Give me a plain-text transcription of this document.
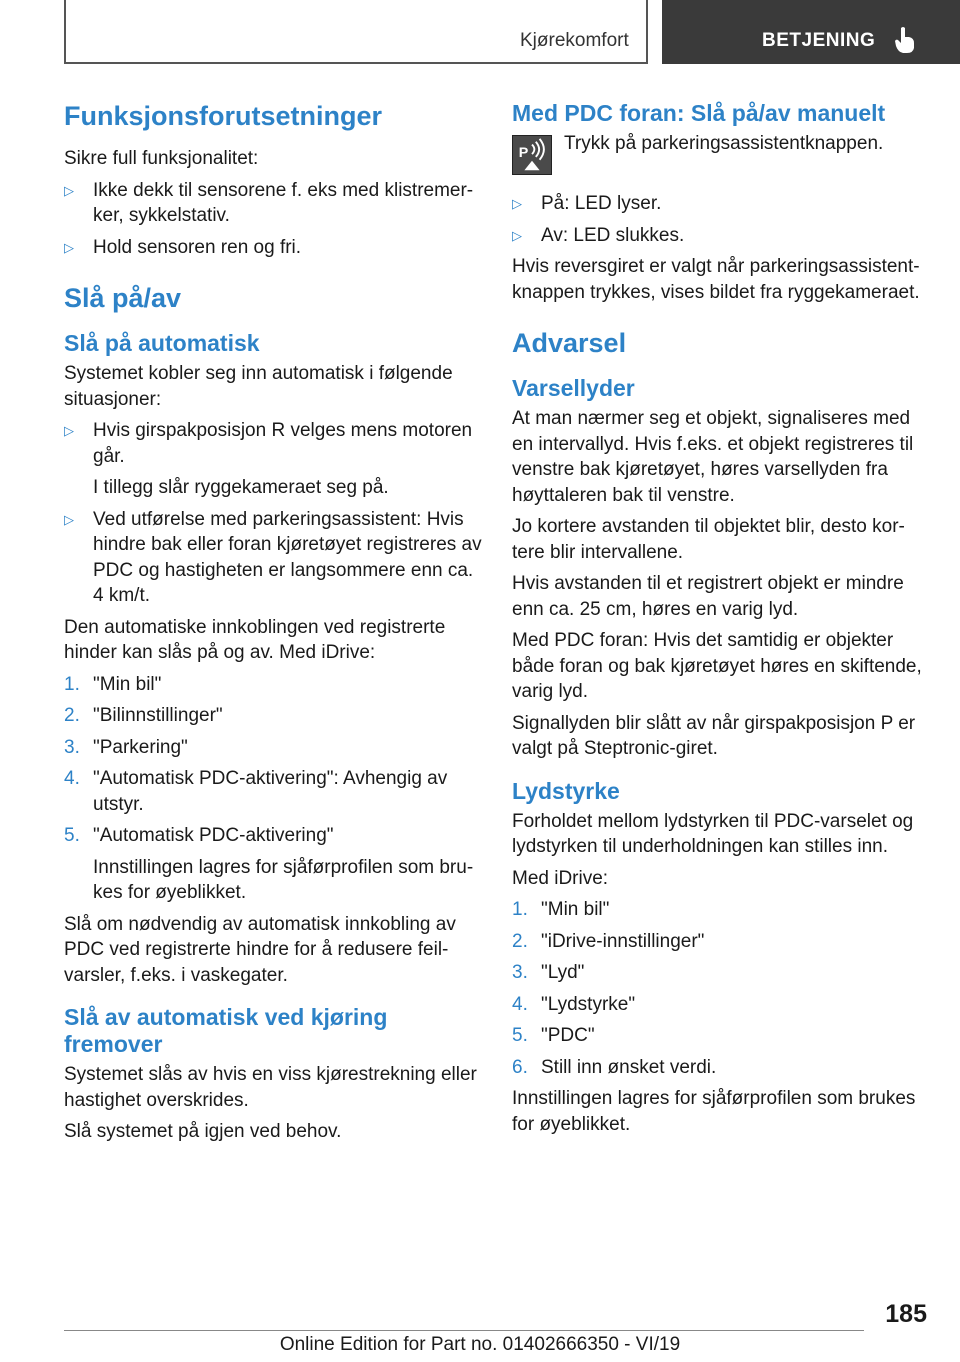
Kjørekomfort	BETJENING
Funksjonsforutsetninger

Sikre full funksjonalitet:

▷ Ikke dekk til sensorene f. eks med klistremer-ker, sykkelstativ.
▷ Hold sensoren ren og fri.
Slå på/av
Slå på automatisk

Systemet kobler seg inn automatisk i følgende situasjoner:

▷ Hvis girspakposisjon R velges mens motoren går.
I tillegg slår ryggekameraet seg på.
▷ Ved utførelse med parkeringsassistent: Hvis hindre bak eller foran kjøretøyet registreres av PDC og hastigheten er langsommere enn ca. 4 km/t.

Den automatiske innkoblingen ved registrerte hinder kan slås på og av. Med iDrive:

1. "Min bil"
2. "Bilinnstillinger"
3. "Parkering"
4. "Automatisk PDC-aktivering": Avhengig av utstyr.
5. "Automatisk PDC-aktivering"
Innstillingen lagres for sjåførprofilen som bru-kes for øyeblikket.

Slå om nødvendig av automatisk innkobling av PDC ved registrerte hindre for å redusere feil-varsler, f.eks. i vaskegater.

Slå av automatisk ved kjøring fremover

Systemet slås av hvis en viss kjørestrekning eller hastighet overskrides.

Slå systemet på igjen ved behov.

Med PDC foran: Slå på/av manuelt
P Trykk på parkeringsassistentknappen.
▷ På: LED lyser.
▷ Av: LED slukkes.

Hvis reversgiret er valgt når parkeringsassistent-knappen trykkes, vises bildet fra ryggekameraet.

Advarsel
Varsellyder

At man nærmer seg et objekt, signaliseres med en intervallyd. Hvis f.eks. et objekt registreres til venstre bak kjøretøyet, høres varsellyden fra høyttaleren bak til venstre.

Jo kortere avstanden til objektet blir, desto kor-tere blir intervallene.

Hvis avstanden til et registrert objekt er mindre enn ca. 25 cm, høres en varig lyd.

Med PDC foran: Hvis det samtidig er objekter både foran og bak kjøretøyet høres en skiftende, varig lyd.

Signallyden blir slått av når girspakposisjon P er valgt på Steptronic-giret.

Lydstyrke

Forholdet mellom lydstyrken til PDC-varselet og lydstyrken til underholdningen kan stilles inn.

Med iDrive:

1. "Min bil"
2. "iDrive-innstillinger"
3. "Lyd"
4. "Lydstyrke"
5. "PDC"
6. Still inn ønsket verdi.

Innstillingen lagres for sjåførprofilen som brukes for øyeblikket.

185
Online Edition for Part no. 01402666350 - VI/19
